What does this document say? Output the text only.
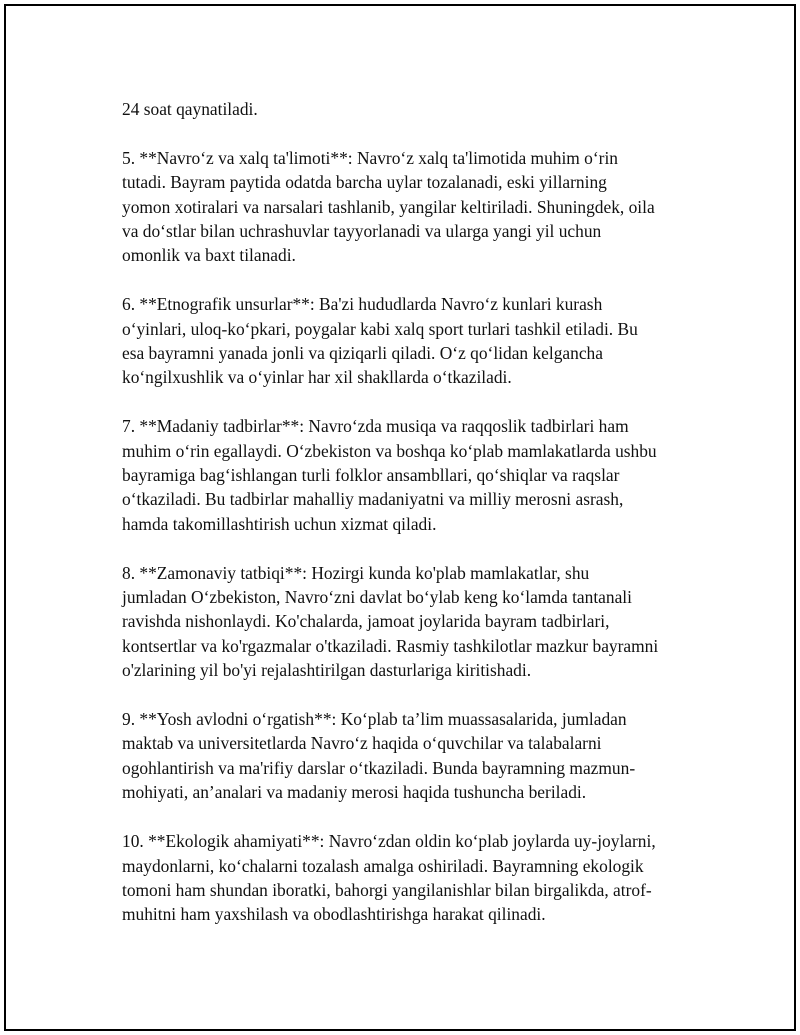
24 soat qaynatiladi.

5. **Navro‘z va xalq ta'limoti**: Navro‘z xalq ta'limotida muhim o‘rin
tutadi. Bayram paytida odatda barcha uylar tozalanadi, eski yillarning
yomon xotiralari va narsalari tashlanib, yangilar keltiriladi. Shuningdek, oila
va do‘stlar bilan uchrashuvlar tayyorlanadi va ularga yangi yil uchun
omonlik va baxt tilanadi.

6. **Etnografik unsurlar**: Ba'zi hududlarda Navro‘z kunlari kurash
o‘yinlari, uloq-ko‘pkari, poygalar kabi xalq sport turlari tashkil etiladi. Bu
esa bayramni yanada jonli va qiziqarli qiladi. O‘z qo‘lidan kelgancha
ko‘ngilxushlik va o‘yinlar har xil shakllarda o‘tkaziladi.

7. **Madaniy tadbirlar**: Navro‘zda musiqa va raqqoslik tadbirlari ham
muhim o‘rin egallaydi. O‘zbekiston va boshqa ko‘plab mamlakatlarda ushbu
bayramiga bag‘ishlangan turli folklor ansambllari, qo‘shiqlar va raqslar
o‘tkaziladi. Bu tadbirlar mahalliy madaniyatni va milliy merosni asrash,
hamda takomillashtirish uchun xizmat qiladi.

8. **Zamonaviy tatbiqi**: Hozirgi kunda ko'plab mamlakatlar, shu
jumladan O‘zbekiston, Navro‘zni davlat bo‘ylab keng ko‘lamda tantanali
ravishda nishonlaydi. Ko'chalarda, jamoat joylarida bayram tadbirlari,
kontsertlar va ko'rgazmalar o'tkaziladi. Rasmiy tashkilotlar mazkur bayramni
o'zlarining yil bo'yi rejalashtirilgan dasturlariga kiritishadi.

9. **Yosh avlodni o‘rgatish**: Ko‘plab ta’lim muassasalarida, jumladan
maktab va universitetlarda Navro‘z haqida o‘quvchilar va talabalarni
ogohlantirish va ma'rifiy darslar o‘tkaziladi. Bunda bayramning mazmun-
mohiyati, an’analari va madaniy merosi haqida tushuncha beriladi.

10. **Ekologik ahamiyati**: Navro‘zdan oldin ko‘plab joylarda uy-joylarni,
maydonlarni, ko‘chalarni tozalash amalga oshiriladi. Bayramning ekologik
tomoni ham shundan iboratki, bahorgi yangilanishlar bilan birgalikda, atrof-
muhitni ham yaxshilash va obodlashtirishga harakat qilinadi.
